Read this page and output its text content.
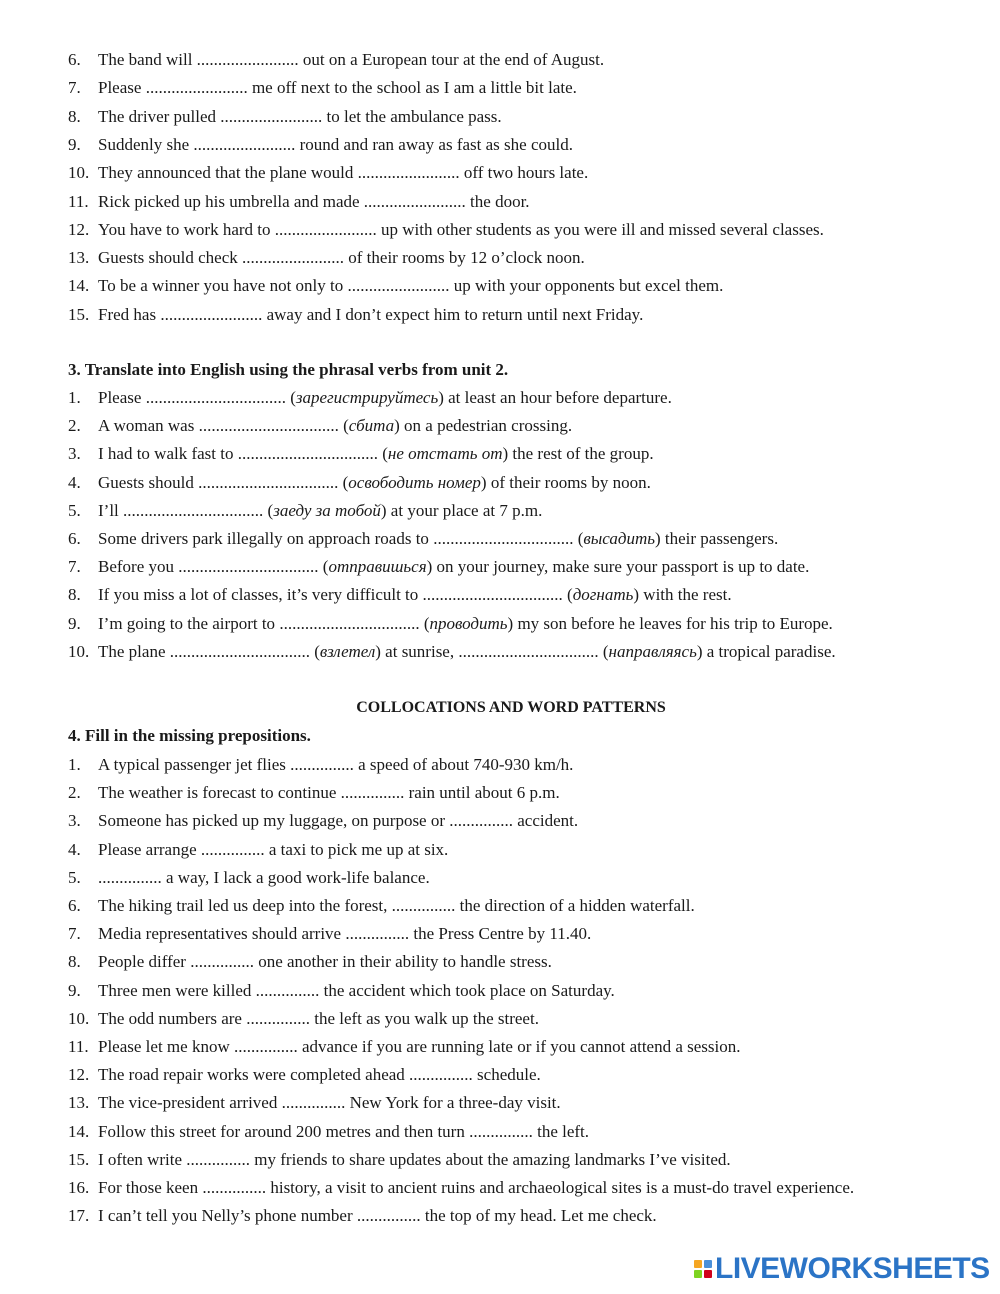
6. The band will ........................ out on a European tour at the end of August.
7. Please ........................ me off next to the school as I am a little bit late.
8. The driver pulled ........................ to let the ambulance pass.
9. Suddenly she ........................ round and ran away as fast as she could.
10. They announced that the plane would ........................ off two hours late.
11. Rick picked up his umbrella and made ........................ the door.
12. You have to work hard to ........................ up with other students as you were ill and missed several classes.
13. Guests should check ........................ of their rooms by 12 o’clock noon.
14. To be a winner you have not only to ........................ up with your opponents but excel them.
15. Fred has ........................ away and I don’t expect him to return until next Friday.
3. Translate into English using the phrasal verbs from unit 2.
1. Please ................................. (зарегистрируйтесь) at least an hour before departure.
2. A woman was ................................. (сбита) on a pedestrian crossing.
3. I had to walk fast to ................................. (не отстать от) the rest of the group.
4. Guests should ................................. (освободить номер) of their rooms by noon.
5. I’ll ................................. (заеду за тобой) at your place at 7 p.m.
6. Some drivers park illegally on approach roads to ................................. (высадить) their passengers.
7. Before you ................................. (отправишься) on your journey, make sure your passport is up to date.
8. If you miss a lot of classes, it’s very difficult to ................................. (догнать) with the rest.
9. I’m going to the airport to ................................. (проводить) my son before he leaves for his trip to Europe.
10. The plane ................................. (взлетел) at sunrise, ................................. (направляясь) a tropical paradise.
COLLOCATIONS AND WORD PATTERNS
4. Fill in the missing prepositions.
1. A typical passenger jet flies ............... a speed of about 740-930 km/h.
2. The weather is forecast to continue ............... rain until about 6 p.m.
3. Someone has picked up my luggage, on purpose or ............... accident.
4. Please arrange ............... a taxi to pick me up at six.
5. ............... a way, I lack a good work-life balance.
6. The hiking trail led us deep into the forest, ............... the direction of a hidden waterfall.
7. Media representatives should arrive ............... the Press Centre by 11.40.
8. People differ ............... one another in their ability to handle stress.
9. Three men were killed ............... the accident which took place on Saturday.
10. The odd numbers are ............... the left as you walk up the street.
11. Please let me know ............... advance if you are running late or if you cannot attend a session.
12. The road repair works were completed ahead ............... schedule.
13. The vice-president arrived ............... New York for a three-day visit.
14. Follow this street for around 200 metres and then turn ............... the left.
15. I often write ............... my friends to share updates about the amazing landmarks I’ve visited.
16. For those keen ............... history, a visit to ancient ruins and archaeological sites is a must-do travel experience.
17. I can’t tell you Nelly’s phone number ............... the top of my head. Let me check.
LIVEWORKSHEETS
